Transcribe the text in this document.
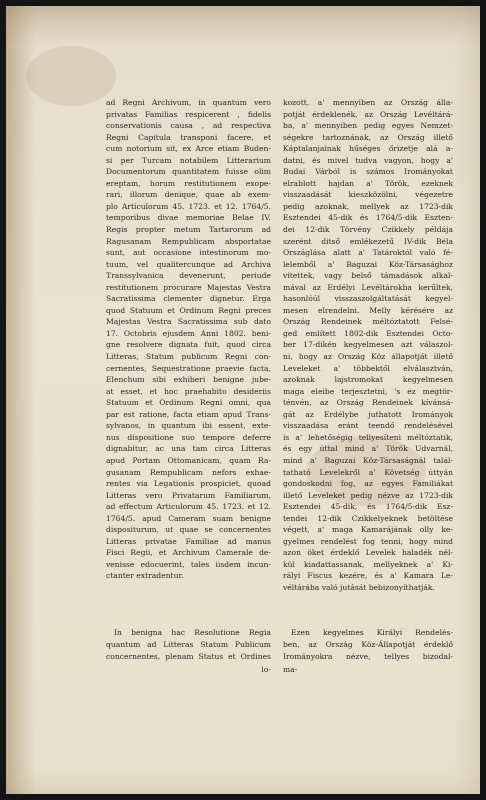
ad Regni Archivum, in quantum vero
privatas Familias respicerent , fidelis
conservationis causa , ad respectiva
Regni Capitula transponi facere, et
cum notorium sit, ex Arce etiam Buden-
si per Turcam notabilem Litterarium
Documentorum quantitatem fuisse olim
ereptam, horum restitutionem exope-
rari, illorum denique, quae ab exem-
plo Articulorum 45. 1723. et 12. 1764/5.
temporibus divae memoriae Belae IV.
Regis propter metum Tartarorum ad
Ragusanam Rempublicam absportatae
sunt, aut occasione intestinorum mo-
tuum, vel qualitercunque ad Archiva
Transsylvanica devenerunt, periude
restitutionem procurare Majestas Vestra
Sacratissima clementer dignetur. Erga
quod Statuum et Ordinum Regni preces
Majestas Vestra Sacratissima sub dato
17. Octobris ejusdem Anni 1802. beni-
gne resolvere dignata fuit, quod circa
Litteras, Statum publicum Regni con-
cernentes, Sequestratione praevie facta,
Elenchum sibi exhiberi benigne jube-
at esset, et hoc praehabito desideriis
Statuum et Ordinum Regni omni, qua
par est ratione, facta etiam apud Trans-
sylvanos, in quantum ibi essent, exte-
nus dispositione suo tempore deferre
dignabitur, ac una tam circa Litteras
apud Portam Ottomanicam, quam Ra-
gusanam Rempublicam nefors exhae-
rentes via Legationis prospiciet, quoad
Litteras vero Privatarum Familiarum,
ad effectum Articulorum 45. 1723. et 12.
1764/5. apud Cameram suam benigne
dispositurum, ut quae se concernentes
Litteras privatae Familiae ad manus
Fisci Regii, et Archivum Camerale de-
venisse edocuerint, tales iisdem incun-
ctanter extradentur.
kozott, a' mennyiben az Ország álla-
potját érdeklenék, az Ország Levéltárá-
ba, a' mennyiben pedig egyes Nemzet-
ségekre tartoznának, az Ország illető
Káptalanjainak hűséges őrizetje alá a-
datni, és mivel tudva vagyon, hogy a'
Budai Várból is számos Irományokat
elrablott hajdan a' Török, ezeknek
visszaadását kieszközölni, végezetre
pedig azoknak, mellyek az 1723-dik
Esztendei 45-dik és 1764/5-dik Eszten-
dei 12-dik Törvény Czikkely példája
szerént ditső emlékezetű IV-dik Béla
Országlása alatt a' Tatároktól való fé-
lelemből a' Baguzai Köz-Társasághoz
vitettek, vagy belső támadások alkal-
mával az Erdélyi Levéltárokba kerűltek,
hasonlóúl visszaszolgáltatását kegyel-
mesen elrendelni. Melly kérésére az
Ország Rendeinek méltóztatott Felsé-
ged említett 1802-dik Esztendei Octo-
ber 17-dikén kegyelmesen azt válaszol-
ni, hogy az Ország Köz állapotját illető
Leveleket a' többektől elválasztván,
azoknak lajstromokat kegyelmesen
maga eleibe terjesztetni, 's ez megtör-
ténvén, az Ország Rendeinek kívánsá-
gát az Erdélybe juthatott Irományok
visszaadása eránt teendő rendelésével
is a' lehetőségig tellyesíteni méltóztatik,
és egy úttal mind a' Török Udvarnál,
mind a' Baguzai Köz-Társaságnál talál-
tatható Levelekről a' Követség úttyán
gondoskodni fog, az egyes Familiákat
illető Leveleket pedig nézve az 1723-dik
Esztendei 45-dik, és 1764/5-dik Esz-
tendei 12-dik Czikkelyeknek betöltése
végett, a' maga Kamarájának olly ke-
gyelmes rendelést fog tenni, hogy mind
azon öket érdeklő Levelek haladék nél-
kül kiadattassanak, mellyeknek a' Ki-
rályi Fiscus kezére, és a' Kamara Le-
véltárába való jutását bebizonyíthatják.
In benigna hac Resolutione Regia
quantum ad Litteras Statum Publicum
concernentes, plenam Status et Ordines
lo-
Ezen kegyelmes Királyi Rendelés-
ben, az Ország Köz-Állapotját érdeklő
Irományokra nézve, tellyes bizodal-
ma-
